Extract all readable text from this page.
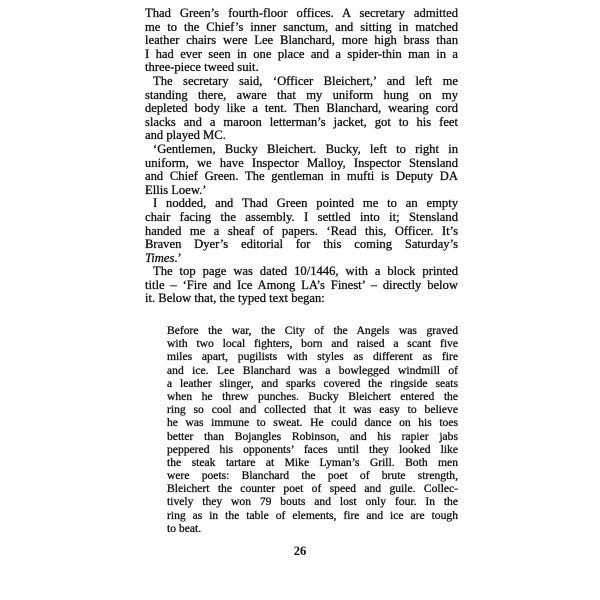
Thad Green’s fourth-floor offices. A secretary admitted
me to the Chief’s inner sanctum, and sitting in matched
leather chairs were Lee Blanchard, more high brass than
I had ever seen in one place and a spider-thin man in a
three-piece tweed suit.
The secretary said, ‘Officer Bleichert,’ and left me
standing there, aware that my uniform hung on my
depleted body like a tent. Then Blanchard, wearing cord
slacks and a maroon letterman’s jacket, got to his feet
and played MC.
‘Gentlemen, Bucky Bleichert. Bucky, left to right in
uniform, we have Inspector Malloy, Inspector Stensland
and Chief Green. The gentleman in mufti is Deputy DA
Ellis Loew.’
I nodded, and Thad Green pointed me to an empty
chair facing the assembly. I settled into it; Stensland
handed me a sheaf of papers. ‘Read this, Officer. It’s
Braven Dyer’s editorial for this coming Saturday’s
Times.’
The top page was dated 10/1446, with a block printed
title – ‘Fire and Ice Among LA’s Finest’ – directly below
it. Below that, the typed text began:
Before the war, the City of the Angels was graved
with two local fighters, born and raised a scant five
miles apart, pugilists with styles as different as fire
and ice. Lee Blanchard was a bowlegged windmill of
a leather slinger, and sparks covered the ringside seats
when he threw punches. Bucky Bleichert entered the
ring so cool and collected that it was easy to believe
he was immune to sweat. He could dance on his toes
better than Bojangles Robinson, and his rapier jabs
peppered his opponents’ faces until they looked like
the steak tartare at Mike Lyman’s Grill. Both men
were poets: Blanchard the poet of brute strength,
Bleichert the counter poet of speed and guile. Collec-
tively they won 79 bouts and lost only four. In the
ring as in the table of elements, fire and ice are tough
to beat.
26
